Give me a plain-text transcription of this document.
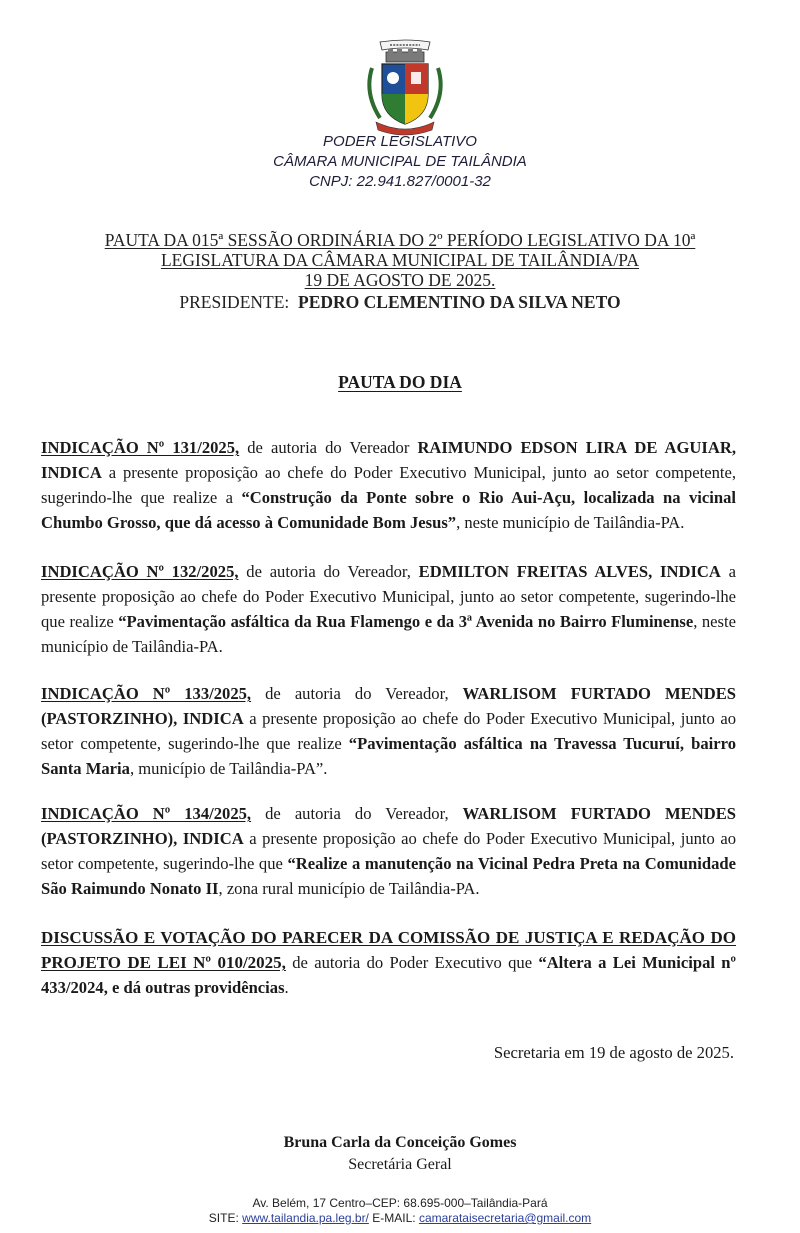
PODER LEGISLATIVO
CÂMARA MUNICIPAL DE TAILÂNDIA
CNPJ: 22.941.827/0001-32
PAUTA DA 015ª SESSÃO ORDINÁRIA DO 2º PERÍODO LEGISLATIVO DA 10ª
LEGISLATURA DA CÂMARA MUNICIPAL DE TAILÂNDIA/PA
19 DE AGOSTO DE 2025.
PRESIDENTE: PEDRO CLEMENTINO DA SILVA NETO
PAUTA DO DIA
INDICAÇÃO Nº 131/2025, de autoria do Vereador RAIMUNDO EDSON LIRA DE AGUIAR, INDICA a presente proposição ao chefe do Poder Executivo Municipal, junto ao setor competente, sugerindo-lhe que realize a “Construção da Ponte sobre o Rio Aui-Açu, localizada na vicinal Chumbo Grosso, que dá acesso à Comunidade Bom Jesus”, neste município de Tailândia-PA.
INDICAÇÃO Nº 132/2025, de autoria do Vereador, EDMILTON FREITAS ALVES, INDICA a presente proposição ao chefe do Poder Executivo Municipal, junto ao setor competente, sugerindo-lhe que realize “Pavimentação asfáltica da Rua Flamengo e da 3ª Avenida no Bairro Fluminense, neste município de Tailândia-PA.
INDICAÇÃO Nº 133/2025, de autoria do Vereador, WARLISOM FURTADO MENDES (PASTORZINHO), INDICA a presente proposição ao chefe do Poder Executivo Municipal, junto ao setor competente, sugerindo-lhe que realize “Pavimentação asfáltica na Travessa Tucuruí, bairro Santa Maria, município de Tailândia-PA”.
INDICAÇÃO Nº 134/2025, de autoria do Vereador, WARLISOM FURTADO MENDES (PASTORZINHO), INDICA a presente proposição ao chefe do Poder Executivo Municipal, junto ao setor competente, sugerindo-lhe que “Realize a manutenção na Vicinal Pedra Preta na Comunidade São Raimundo Nonato II, zona rural município de Tailândia-PA.
DISCUSSÃO E VOTAÇÃO DO PARECER DA COMISSÃO DE JUSTIÇA E REDAÇÃO DO PROJETO DE LEI Nº 010/2025, de autoria do Poder Executivo que “Altera a Lei Municipal nº 433/2024, e dá outras providências.
Secretaria em 19 de agosto de 2025.
Bruna Carla da Conceição Gomes
Secretária Geral
Av. Belém, 17 Centro–CEP: 68.695-000–Tailândia-Pará
SITE: www.tailandia.pa.leg.br/ E-MAIL: camarataisecretaria@gmail.com
